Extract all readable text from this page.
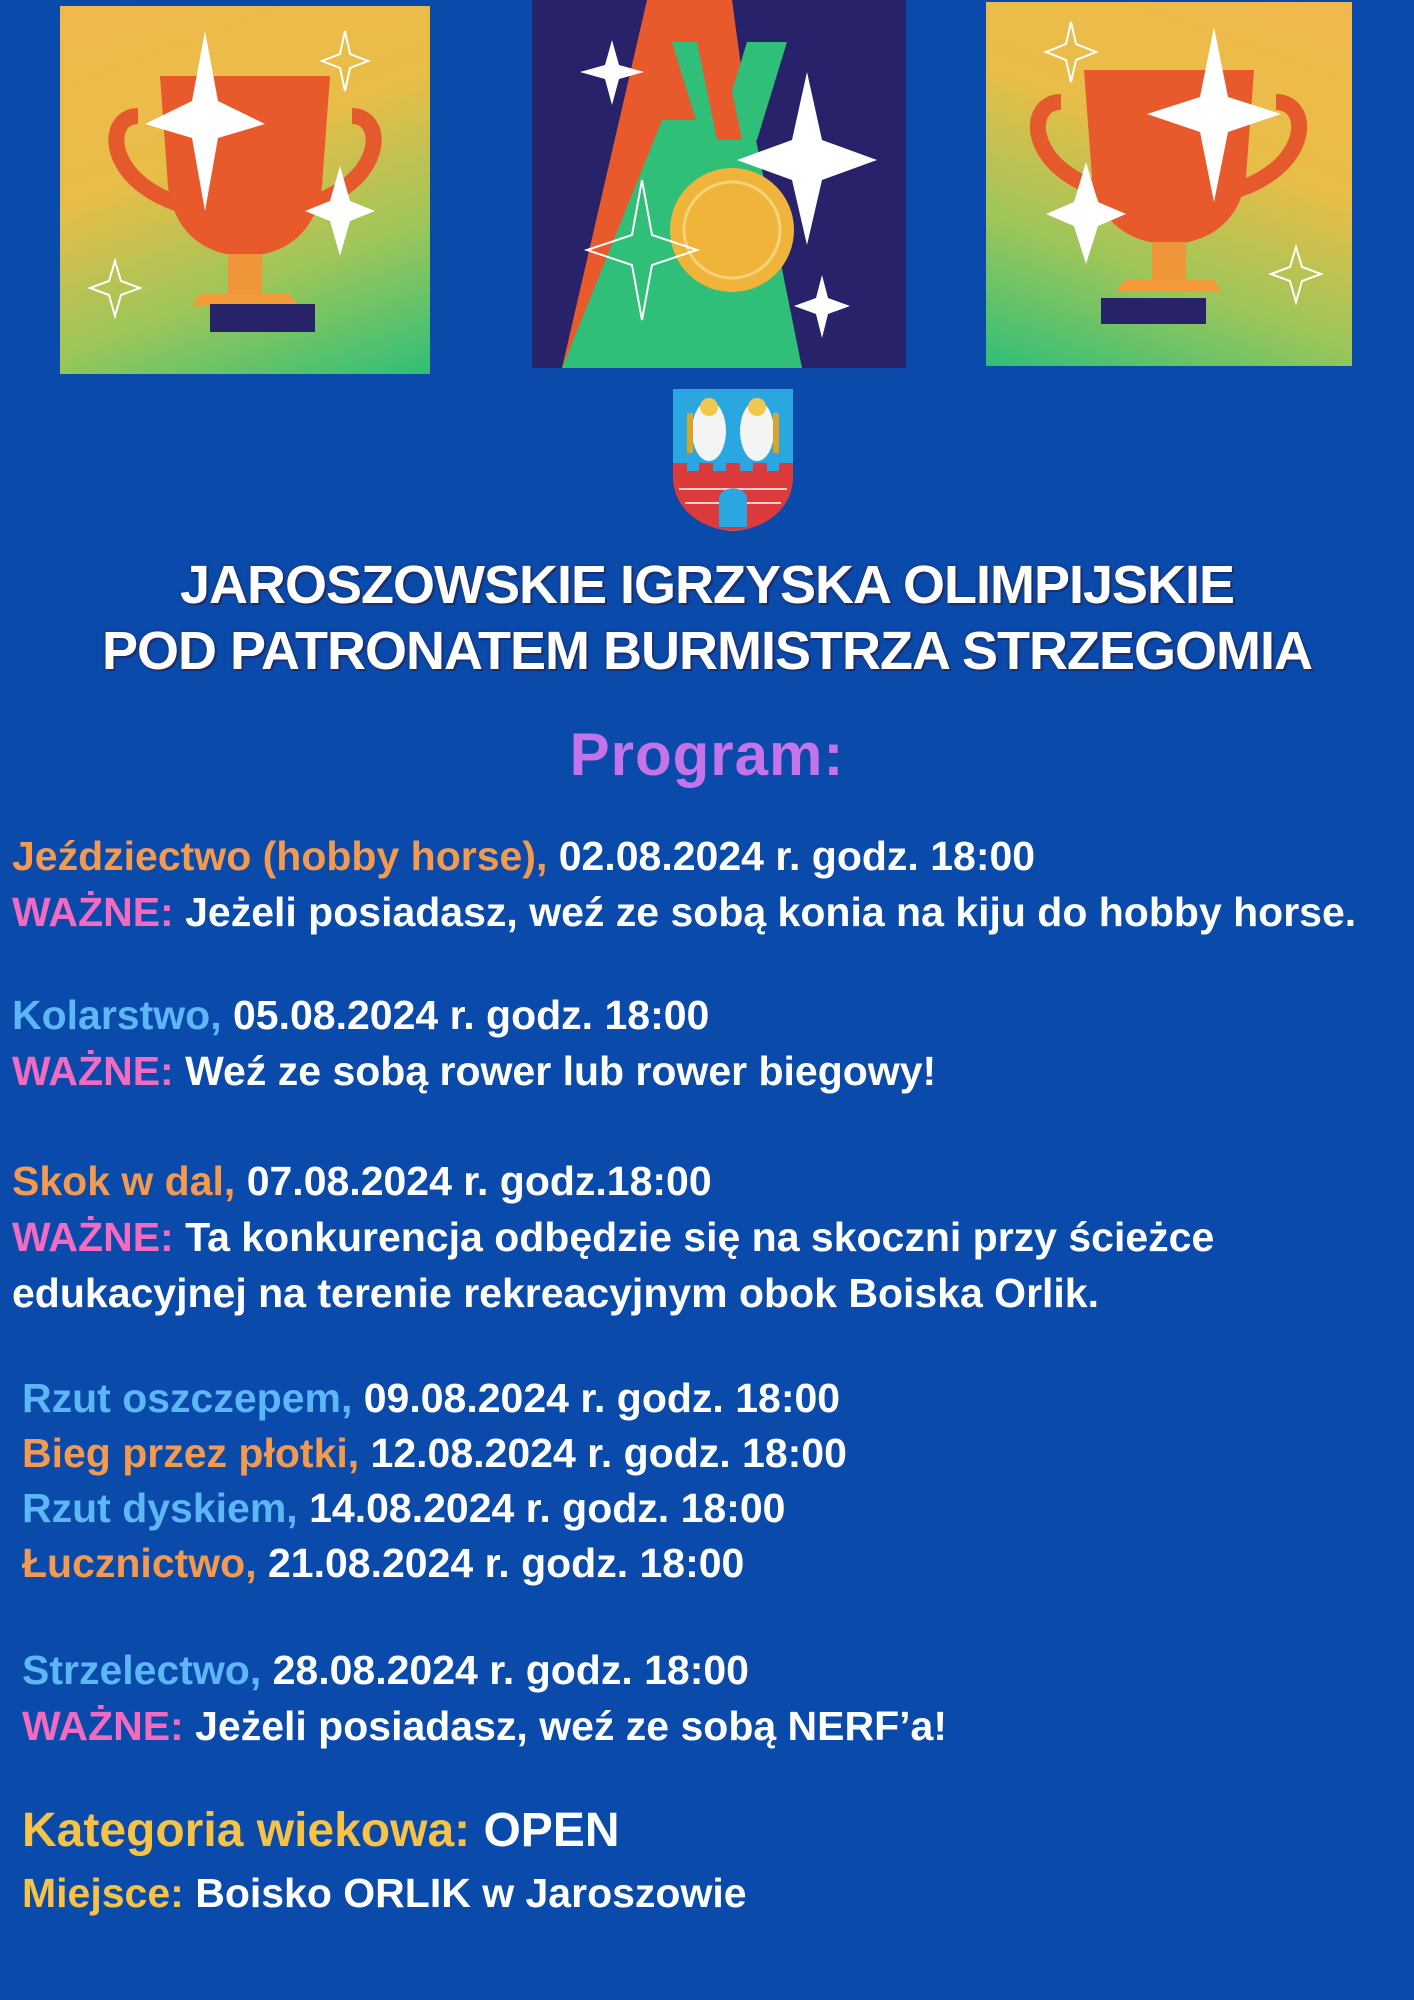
JAROSZOWSKIE IGRZYSKA OLIMPIJSKIE
POD PATRONATEM BURMISTRZA STRZEGOMIA
Program:
Jeździectwo (hobby horse), 02.08.2024 r. godz. 18:00
WAŻNE: Jeżeli posiadasz, weź ze sobą konia na kiju do hobby horse.
Kolarstwo, 05.08.2024 r. godz. 18:00
WAŻNE: Weź ze sobą rower lub rower biegowy!
Skok w dal, 07.08.2024 r. godz.18:00
WAŻNE: Ta konkurencja odbędzie się na skoczni przy ścieżce
edukacyjnej na terenie rekreacyjnym obok Boiska Orlik.
Rzut oszczepem, 09.08.2024 r. godz. 18:00
Bieg przez płotki, 12.08.2024 r. godz. 18:00
Rzut dyskiem, 14.08.2024 r. godz. 18:00
Łucznictwo, 21.08.2024 r. godz. 18:00
Strzelectwo, 28.08.2024 r. godz. 18:00
WAŻNE: Jeżeli posiadasz, weź ze sobą NERF’a!
Kategoria wiekowa: OPEN
Miejsce: Boisko ORLIK w Jaroszowie
